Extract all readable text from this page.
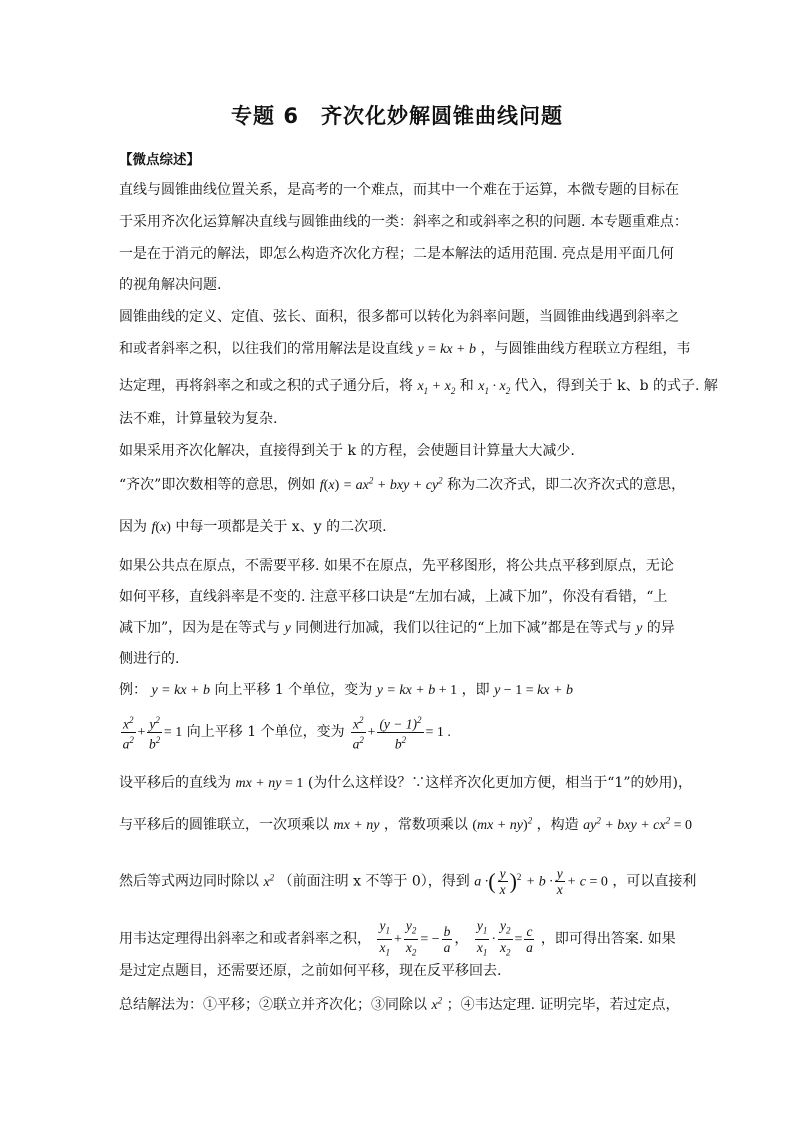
专题 6　齐次化妙解圆锥曲线问题
【微点综述】
直线与圆锥曲线位置关系，是高考的一个难点，而其中一个难在于运算，本微专题的目标在
于采用齐次化运算解决直线与圆锥曲线的一类：斜率之和或斜率之积的问题. 本专题重难点：
一是在于消元的解法，即怎么构造齐次化方程；二是本解法的适用范围. 亮点是用平面几何
的视角解决问题.
圆锥曲线的定义、定值、弦长、面积，很多都可以转化为斜率问题，当圆锥曲线遇到斜率之
和或者斜率之积，以往我们的常用解法是设直线 y = kx + b ，与圆锥曲线方程联立方程组，韦
达定理，再将斜率之和或之积的式子通分后，将 $x_1 + x_2$ 和 $x_1 \cdot x_2$ 代入，得到关于 k、b 的式子. 解
法不难，计算量较为复杂.
如果采用齐次化解决，直接得到关于 k 的方程，会使题目计算量大大减少.
“齐次”即次数相等的意思，例如 $f(x) = ax^2$ + bxy + $cy^2$ 称为二次齐式，即二次齐次式的意思，
因为 f(x) 中每一项都是关于 x、y 的二次项.
如果公共点在原点，不需要平移. 如果不在原点，先平移图形，将公共点平移到原点，无论
如何平移，直线斜率是不变的. 注意平移口诀是“左加右减，上减下加”，你没有看错，“上
减下加”，因为是在等式与 y 同侧进行加减，我们以往记的“上加下减”都是在等式与 y 的异
侧进行的.
例： y = kx + b 向上平移 1 个单位，变为 y = kx + b + 1 ，即 y − 1 = kx + b
$\frac{x^2}{a^2} + \frac{y^2}{b^2} = 1$ 向上平移 1 个单位，变为 $\frac{x^2}{a^2} + \frac{(y - 1)^2}{b^2} = 1$ .
设平移后的直线为 mx + ny = 1 (为什么这样设？∵这样齐次化更加方便，相当于“1”的妙用)，
与平移后的圆锥联立，一次项乘以 mx + ny ，常数项乘以 (mx + ny)$^2$ ，构造 $ay^2$ + bxy + $cx^2 = 0$
然后等式两边同时除以 $x^2$ （前面注明 x 不等于 0），得到 a ·( $\frac{y}{x} )^2 + b \cdot \frac{y}{x} + c = 0$ ，可以直接利
用韦达定理得出斜率之和或者斜率之积， $\frac{y_1}{x_1} + \frac{y_2}{x_2}$ = − $\frac{b}{a}$ ， $\frac{y_1}{x_1} \cdot \frac{y_2}{x_2} = \frac{c}{a}$ ，即可得出答案. 如果
是过定点题目，还需要还原，之前如何平移，现在反平移回去.
总结解法为：①平移；②联立并齐次化；③同除以 $x^2$ ；④韦达定理. 证明完毕，若过定点，
